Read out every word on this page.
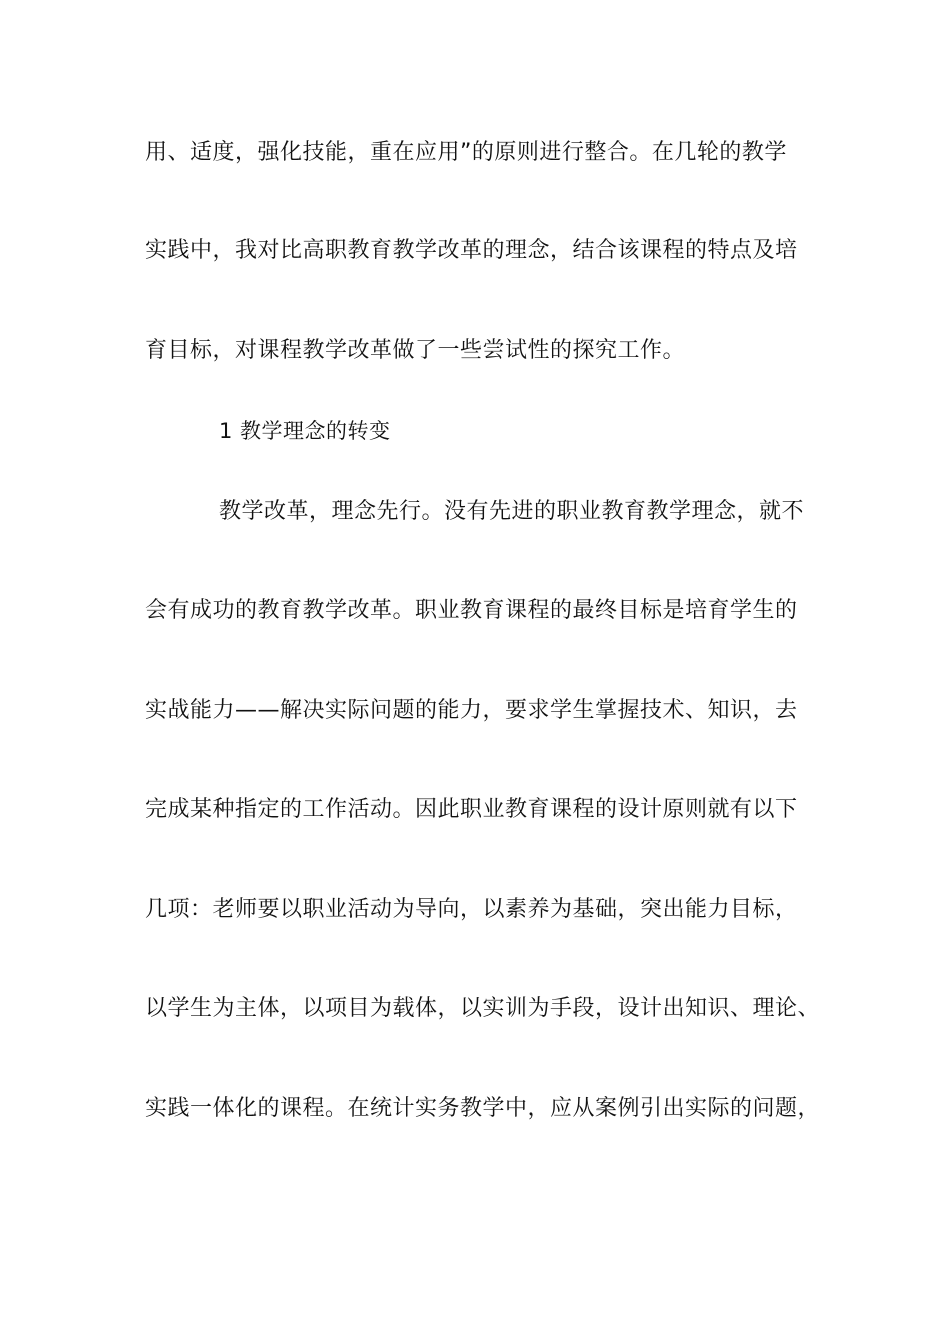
用、适度，强化技能，重在应用”的原则进行整合。在几轮的教学
实践中，我对比高职教育教学改革的理念，结合该课程的特点及培
育目标，对课程教学改革做了一些尝试性的探究工作。
1 教学理念的转变
教学改革，理念先行。没有先进的职业教育教学理念，就不
会有成功的教育教学改革。职业教育课程的最终目标是培育学生的
实战能力——解决实际问题的能力，要求学生掌握技术、知识，去
完成某种指定的工作活动。因此职业教育课程的设计原则就有以下
几项：老师要以职业活动为导向，以素养为基础，突出能力目标，
以学生为主体，以项目为载体，以实训为手段，设计出知识、理论、
实践一体化的课程。在统计实务教学中，应从案例引出实际的问题，
